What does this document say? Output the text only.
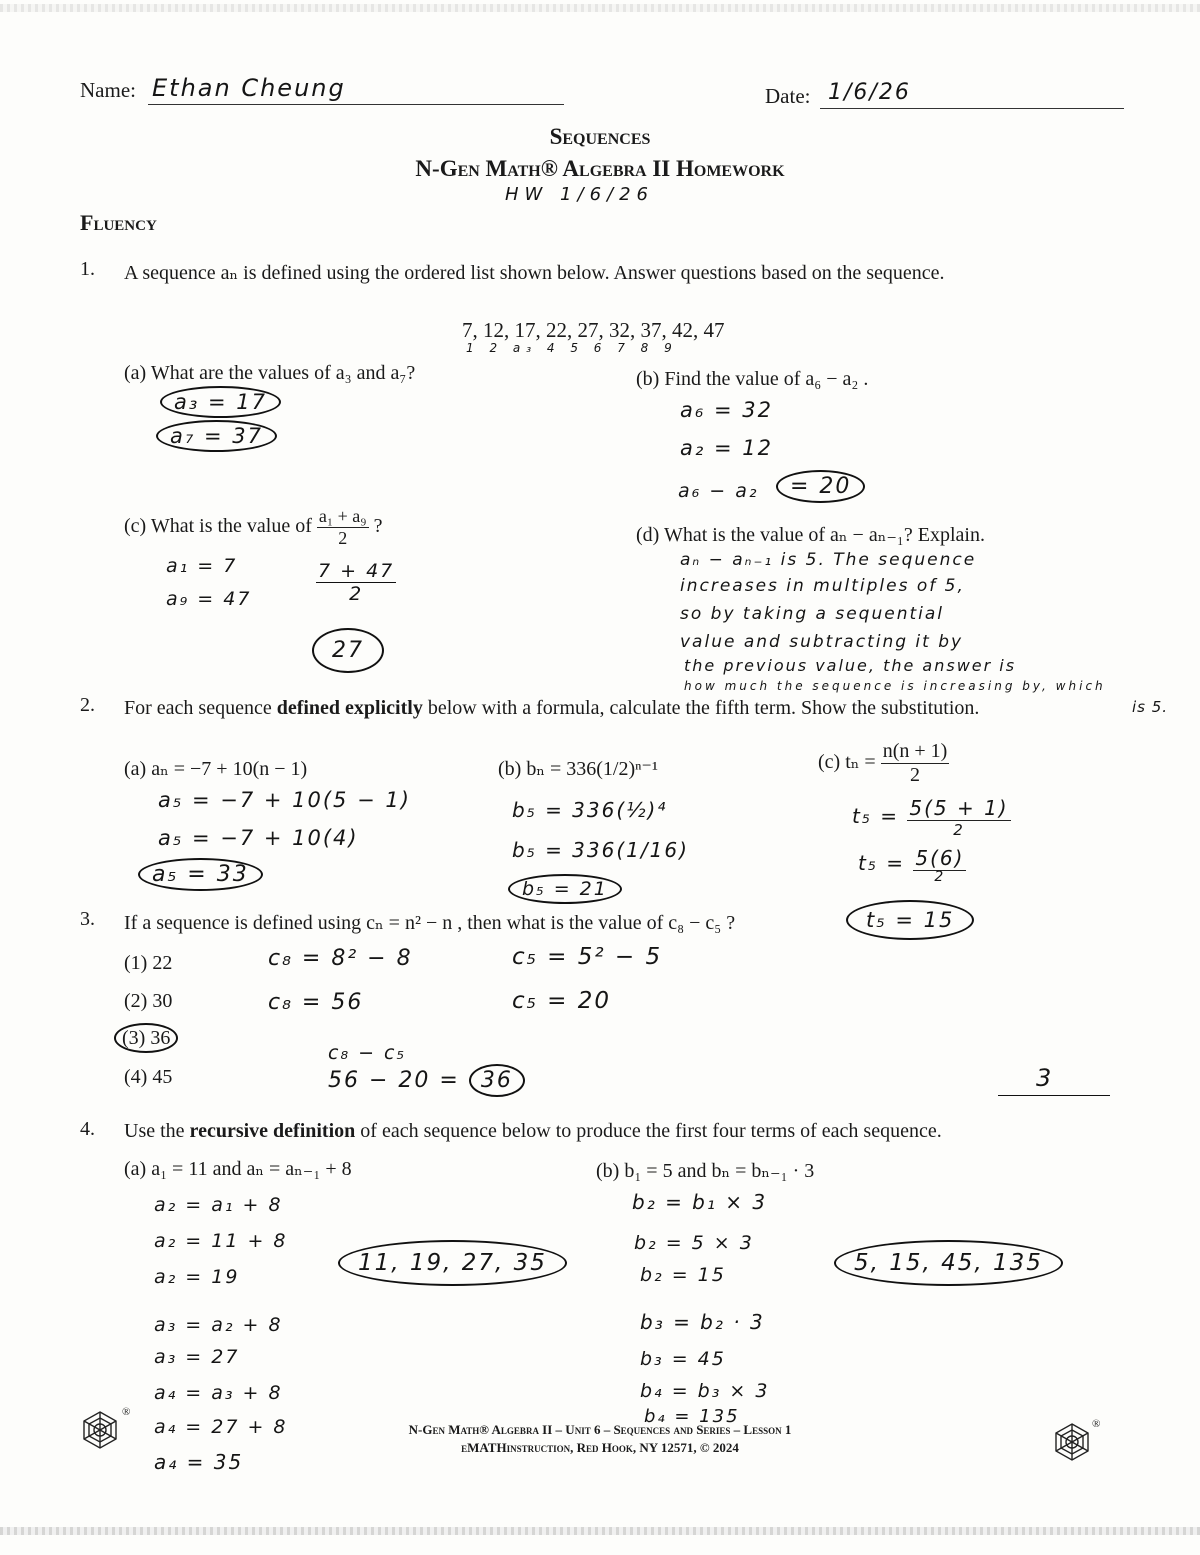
Name: Ethan Cheung	Date: 1/6/26
Sequences
N-Gen Math® Algebra II Homework
HW 1/6/26
Fluency
1. A sequence aₙ is defined using the ordered list shown below. Answer questions based on the sequence.
7, 12, 17, 22, 27, 32, 37, 42, 47
1 2 a₃ 4 5 6 7 8 9
(a) What are the values of a₃ and a₇?
a₃ = 17
a₇ = 37
(b) Find the value of a₆ − a₂ .
a₆ = 32
a₂ = 12
a₆ − a₂	= 20
(c) What is the value of $\frac{\text{a₁ + a₉}}{2}$ ?
a₁ = 7
a₉ = 47	$\frac{7 + 47}{2}$
27
(d) What is the value of aₙ − aₙ₋₁? Explain.
aₙ − aₙ₋₁ is 5. The sequence
increases in multiples of 5,
so by taking a sequential
value and subtracting it by
the previous value, the answer is
how much the sequence is increasing by, which
is 5.
2. For each sequence defined explicitly below with a formula, calculate the fifth term. Show the substitution.
(a) aₙ = −7 + 10(n − 1)
a₅ = −7 + 10(5 − 1)
a₅ = −7 + 10(4)
a₅ = 33
(b) bₙ = 336(1/2)ⁿ⁻¹
b₅ = 336(½)⁴
b₅ = 336(1/16)
b₅ = 21
(c) $t_n = \frac{n(n + 1)}{2}$
$t_5 = \frac{5(5 + 1)}{2}$
$t_5 = \frac{5(6)}{2}$
t₅ = 15
3. If a sequence is defined using cₙ = n² − n , then what is the value of c₈ − c₅ ?
(1) 22
(2) 30
(3) 36
(4) 45
c₈ = 8² − 8
c₈ = 56
c₅ = 5² − 5
c₅ = 20
c₈ − c₅
56 − 20 = 36	3
4. Use the recursive definition of each sequence below to produce the first four terms of each sequence.
(a) a₁ = 11 and aₙ = aₙ₋₁ + 8
a₂ = a₁ + 8
a₂ = 11 + 8
a₂ = 19
a₃ = a₂ + 8
a₃ = 27
a₄ = a₃ + 8
a₄ = 27 + 8
a₄ = 35
11, 19, 27, 35
(b) b₁ = 5 and bₙ = bₙ₋₁ · 3
b₂ = b₁ × 3
b₂ = 5 × 3
b₂ = 15
b₃ = b₂ · 3
b₃ = 45
b₄ = b₃ × 3
b₄ = 135
5, 15, 45, 135
N-Gen Math® Algebra II – Unit 6 – Sequences and Series – Lesson 1
eMATHinstruction, Red Hook, NY 12571, © 2024
®
®
